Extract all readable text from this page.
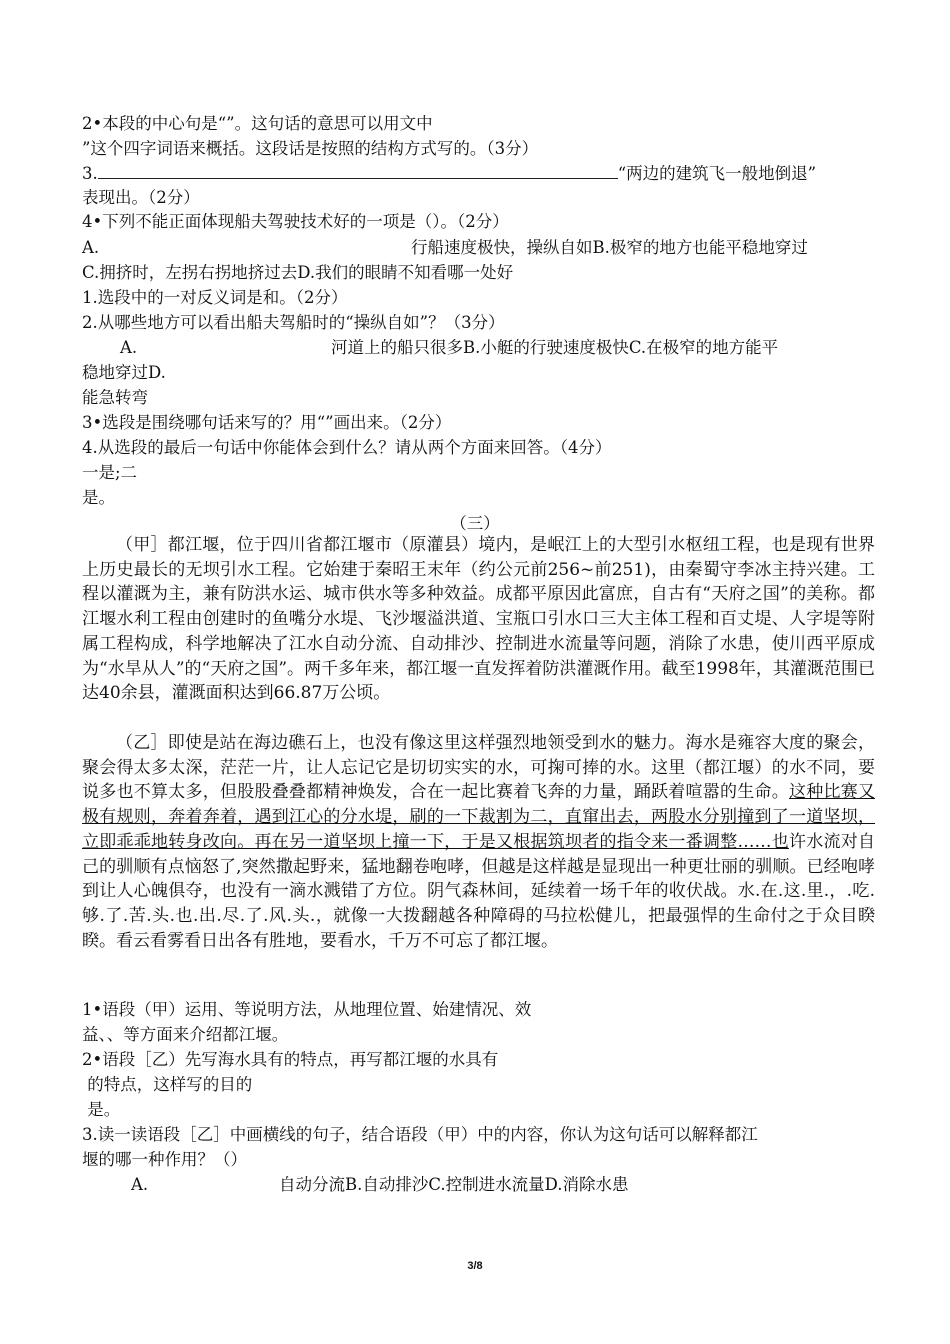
2•本段的中心句是“”。这句话的意思可以用文中
”这个四字词语来概括。这段话是按照的结构方式写的。（3分）
3.	“两边的建筑飞一般地倒退”
表现出。（2分）
4•下列不能正面体现船夫驾驶技术好的一项是（）。（2分）
A.	行船速度极快，操纵自如B.极窄的地方也能平稳地穿过
C.拥挤时，左拐右拐地挤过去D.我们的眼睛不知看哪一处好
1.选段中的一对反义词是和。（2分）
2.从哪些地方可以看出船夫驾船时的“操纵自如”？（3分）
A.	河道上的船只很多B.小艇的行驶速度极快C.在极窄的地方能平
稳地穿过D.
能急转弯
3•选段是围绕哪句话来写的？用“”画出来。（2分）
4.从选段的最后一句话中你能体会到什么？请从两个方面来回答。（4分）
一是;二
是。
（三）
（甲］都江堰，位于四川省都江堰市（原灌县）境内，是岷江上的大型引水枢纽工程，也是现有世界上历史最长的无坝引水工程。它始建于秦昭王末年（约公元前256~前251)，由秦蜀守李冰主持兴建。工程以灌溉为主，兼有防洪水运、城市供水等多种效益。成都平原因此富庶，自古有“天府之国”的美称。都江堰水利工程由创建时的鱼嘴分水堤、飞沙堰溢洪道、宝瓶口引水口三大主体工程和百丈堤、人字堤等附属工程构成，科学地解决了江水自动分流、自动排沙、控制进水流量等问题，消除了水患，使川西平原成为“水旱从人”的“天府之国”。两千多年来，都江堰一直发挥着防洪灌溉作用。截至1998年，其灌溉范围已达40余县，灌溉面积达到66.87万公顷。
（乙］即使是站在海边礁石上，也没有像这里这样强烈地领受到水的魅力。海水是雍容大度的聚会，聚会得太多太深，茫茫一片，让人忘记它是切切实实的水，可掬可捧的水。这里（都江堰）的水不同，要说多也不算太多，但股股叠叠都精神焕发，合在一起比赛着飞奔的力量，踊跃着喧嚣的生命。这种比赛又极有规则，奔着奔着，遇到江心的分水堤，刷的一下裁割为二，直窜出去，两股水分别撞到了一道坚坝，立即乖乖地转身改向。再在另一道坚坝上撞一下，于是又根据筑坝者的指令来一番调整……也许水流对自己的驯顺有点恼怒了,突然撒起野来，猛地翻卷咆哮，但越是这样越是显现出一种更壮丽的驯顺。已经咆哮到让人心魄俱夺，也没有一滴水溅错了方位。阴气森林间，延续着一场千年的收伏战。水.在.这.里.，.吃.够.了.苦.头.也.出.尽.了.风.头.，就像一大拨翻越各种障碍的马拉松健儿，把最强悍的生命付之于众目睽睽。看云看雾看日出各有胜地，要看水，千万不可忘了都江堰。
1•语段（甲）运用、等说明方法，从地理位置、始建情况、效
益、、等方面来介绍都江堰。
2•语段［乙）先写海水具有的特点，再写都江堰的水具有
的特点，这样写的目的
是。
3.读一读语段［乙］中画横线的句子，结合语段（甲）中的内容，你认为这句话可以解释都江
堰的哪一种作用？（）
A.	自动分流B.自动排沙C.控制进水流量D.消除水患
3/8
